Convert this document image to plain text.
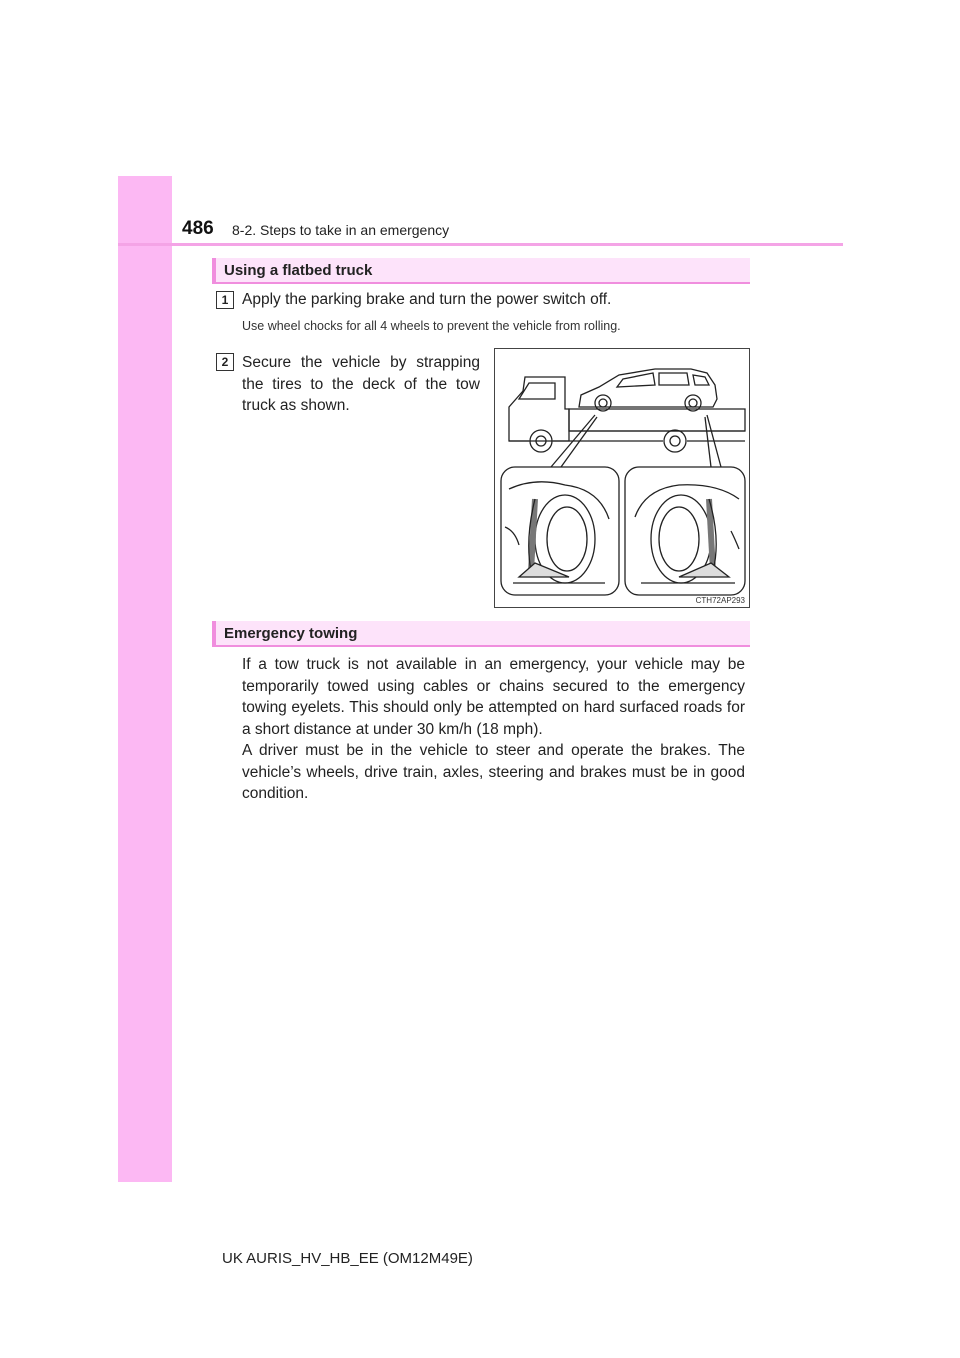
486 8-2. Steps to take in an emergency
Using a flatbed truck
1 Apply the parking brake and turn the power switch off.
Use wheel chocks for all 4 wheels to prevent the vehicle from rolling.
2 Secure the vehicle by strapping
the tires to the deck of the tow
truck as shown.
CTH72AP293
Emergency towing

If a tow truck is not available in an emergency, your vehicle may be temporarily towed using cables or chains secured to the emergency towing eyelets. This should only be attempted on hard surfaced roads for a short distance at under 30 km/h (18 mph).

A driver must be in the vehicle to steer and operate the brakes. The vehicle’s wheels, drive train, axles, steering and brakes must be in good condition.

UK AURIS_HV_HB_EE (OM12M49E)
